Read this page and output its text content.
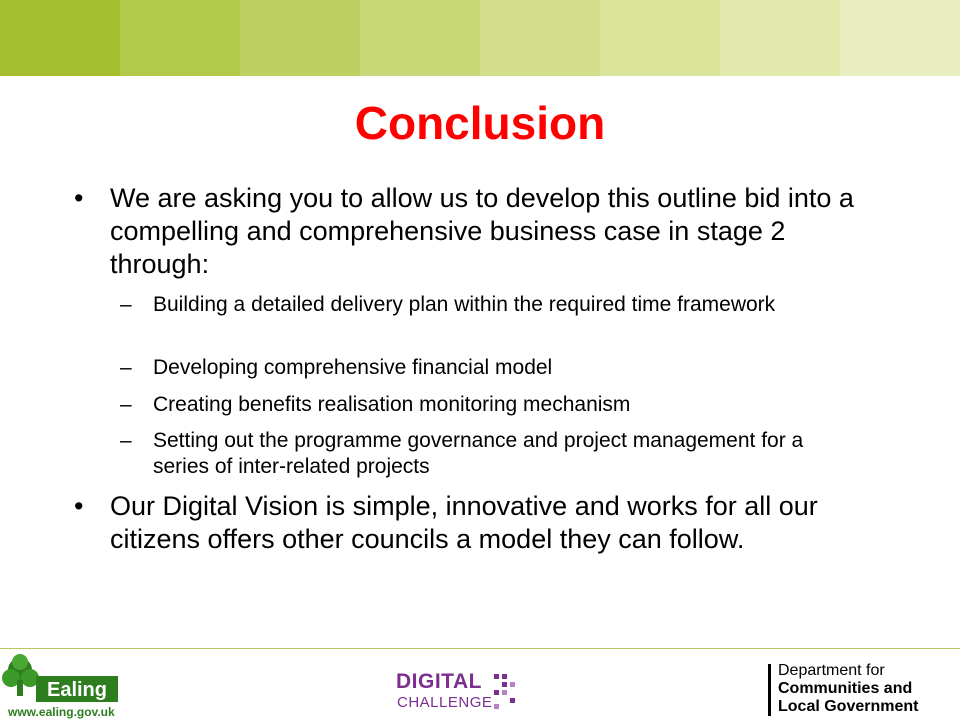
Conclusion
• We are asking you to allow us to develop this outline bid into a compelling and comprehensive business case in stage 2 through:
– Building a detailed delivery plan within the required time framework
– Developing comprehensive financial model
– Creating benefits realisation monitoring mechanism
– Setting out the programme governance and project management for a series of inter-related projects
• Our Digital Vision is simple, innovative and works for all our citizens offers other councils a model they can follow.
Ealing
www.ealing.gov.uk
DIGITAL
CHALLENGE
Department for
Communities and
Local Government
